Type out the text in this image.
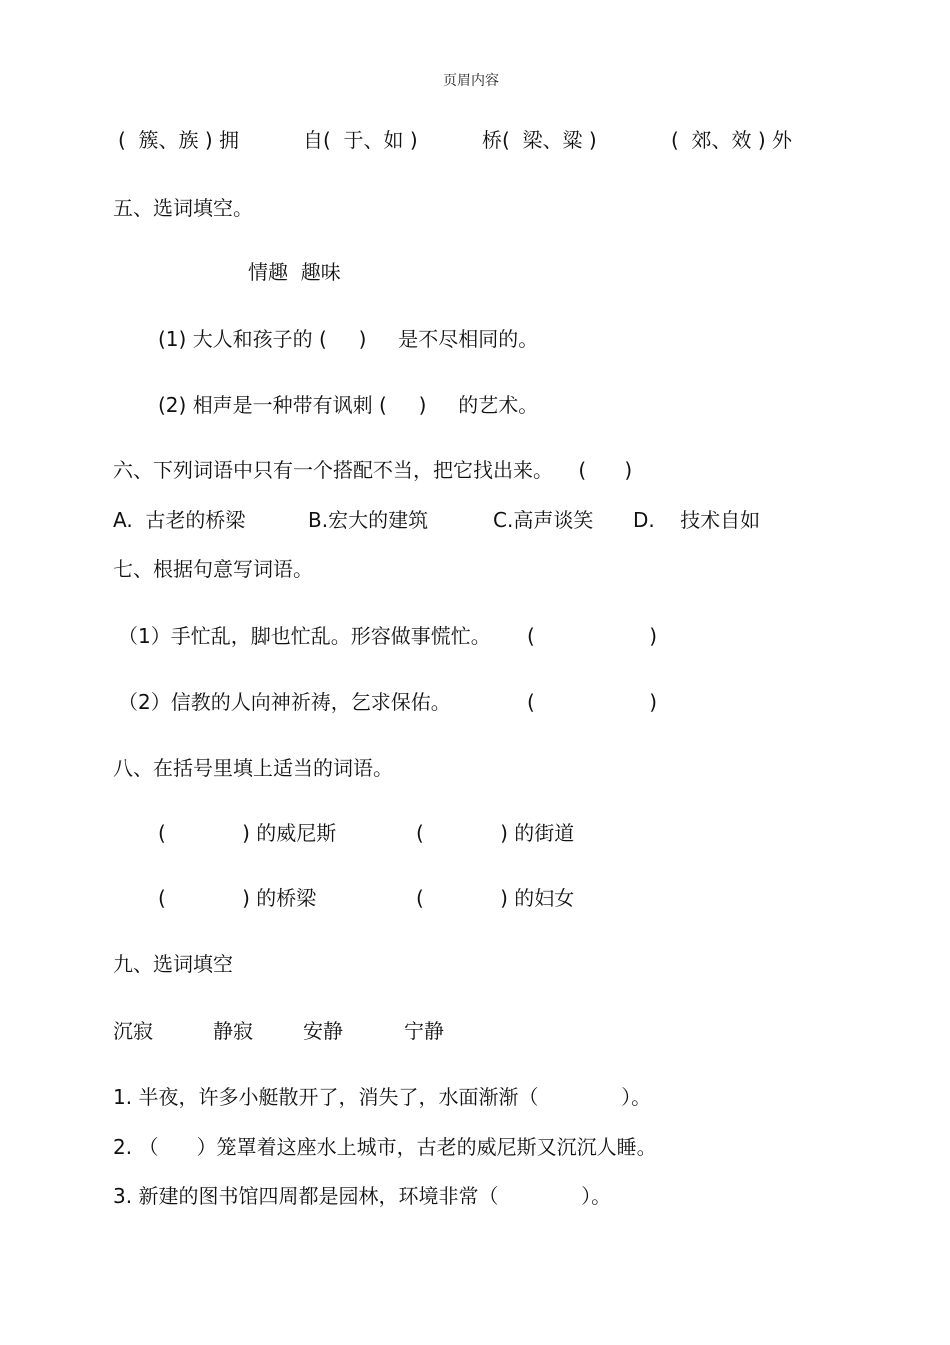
页眉内容
(  簇、族 ) 拥	自(  于、如 )	桥(  梁、粱 )	(  郊、效 ) 外
五、选词填空。
情趣  趣味
(1) 大人和孩子的 (     )     是不尽相同的。
(2) 相声是一种带有讽刺 (     )     的艺术。
六、下列词语中只有一个搭配不当，把它找出来。    (      )
A.  古老的桥梁	B.宏大的建筑	C.高声谈笑 D.    技术自如
七、根据句意写词语。
（1）手忙乱，脚也忙乱。形容做事慌忙。 (                  )
（2）信教的人向神祈祷，乞求保佑。	(                  )
八、在括号里填上适当的词语。
(            ) 的威尼斯	(            ) 的街道
(            ) 的桥梁	(            ) 的妇女
九、选词填空
沉寂	静寂	安静	宁静
1. 半夜，许多小艇散开了，消失了，水面渐渐（             ）。
2. （      ）笼罩着这座水上城市，古老的威尼斯又沉沉人睡。
3. 新建的图书馆四周都是园林，环境非常（             ）。
